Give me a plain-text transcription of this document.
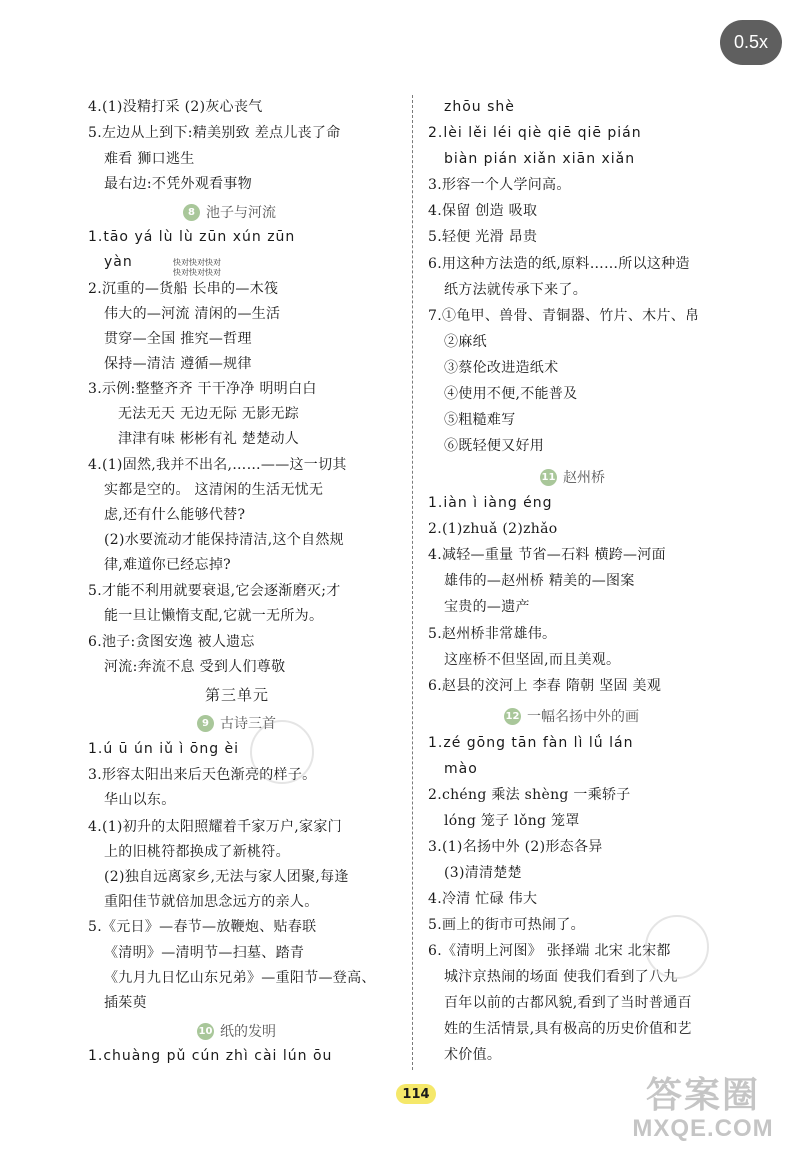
0.5x
4.(1)没精打采 (2)灰心丧气
5.左边从上到下:精美别致 差点儿丧了命
难看 狮口逃生
最右边:不凭外观看事物
8 池子与河流
1.tāo yá lù lù zūn xún zūn
yàn	快对快对快对
快对快对快对
2.沉重的—货船 长串的—木筏
伟大的—河流 清闲的—生活
贯穿—全国 推究—哲理
保持—清洁 遵循—规律
3.示例:整整齐齐 干干净净 明明白白
无法无天 无边无际 无影无踪
津津有味 彬彬有礼 楚楚动人
4.(1)固然,我并不出名,……——这一切其
实都是空的。 这清闲的生活无忧无
虑,还有什么能够代替?
(2)水要流动才能保持清洁,这个自然规
律,难道你已经忘掉?
5.才能不利用就要衰退,它会逐渐磨灭;才
能一旦让懒惰支配,它就一无所为。
6.池子:贪图安逸 被人遗忘
河流:奔流不息 受到人们尊敬
第三单元
9 古诗三首
1.ú ū ún iǔ ì ōng èi
3.形容太阳出来后天色渐亮的样子。
华山以东。
4.(1)初升的太阳照耀着千家万户,家家门
上的旧桃符都换成了新桃符。
(2)独自远离家乡,无法与家人团聚,每逢
重阳佳节就倍加思念远方的亲人。
5.《元日》—春节—放鞭炮、贴春联
《清明》—清明节—扫墓、踏青
《九月九日忆山东兄弟》—重阳节—登高、
插茱萸
10 纸的发明
1.chuàng pǔ cún zhì cài lún ōu
zhōu shè
2.lèi lěi léi qiè qiē qiē pián
biàn pián xiǎn xiān xiǎn
3.形容一个人学问高。
4.保留 创造 吸取
5.轻便 光滑 昂贵
6.用这种方法造的纸,原料……所以这种造
纸方法就传承下来了。
7.①龟甲、兽骨、青铜器、竹片、木片、帛
②麻纸
③蔡伦改进造纸术
④使用不便,不能普及
⑤粗糙难写
⑥既轻便又好用
11 赵州桥
1.iàn ì iàng éng
2.(1)zhuǎ (2)zhǎo
4.减轻—重量 节省—石料 横跨—河面
雄伟的—赵州桥 精美的—图案
宝贵的—遗产
5.赵州桥非常雄伟。
这座桥不但坚固,而且美观。
6.赵县的洨河上 李春 隋朝 坚固 美观
12 一幅名扬中外的画
1.zé gōng tān fàn lì lǘ lán
mào
2.chéng 乘法 shèng 一乘轿子
lóng 笼子 lǒng 笼罩
3.(1)名扬中外 (2)形态各异
(3)清清楚楚
4.冷清 忙碌 伟大
5.画上的街市可热闹了。
6.《清明上河图》 张择端 北宋 北宋都
城汴京热闹的场面 使我们看到了八九
百年以前的古都风貌,看到了当时普通百
姓的生活情景,具有极高的历史价值和艺
术价值。
114	答案圈
MXQE.COM
